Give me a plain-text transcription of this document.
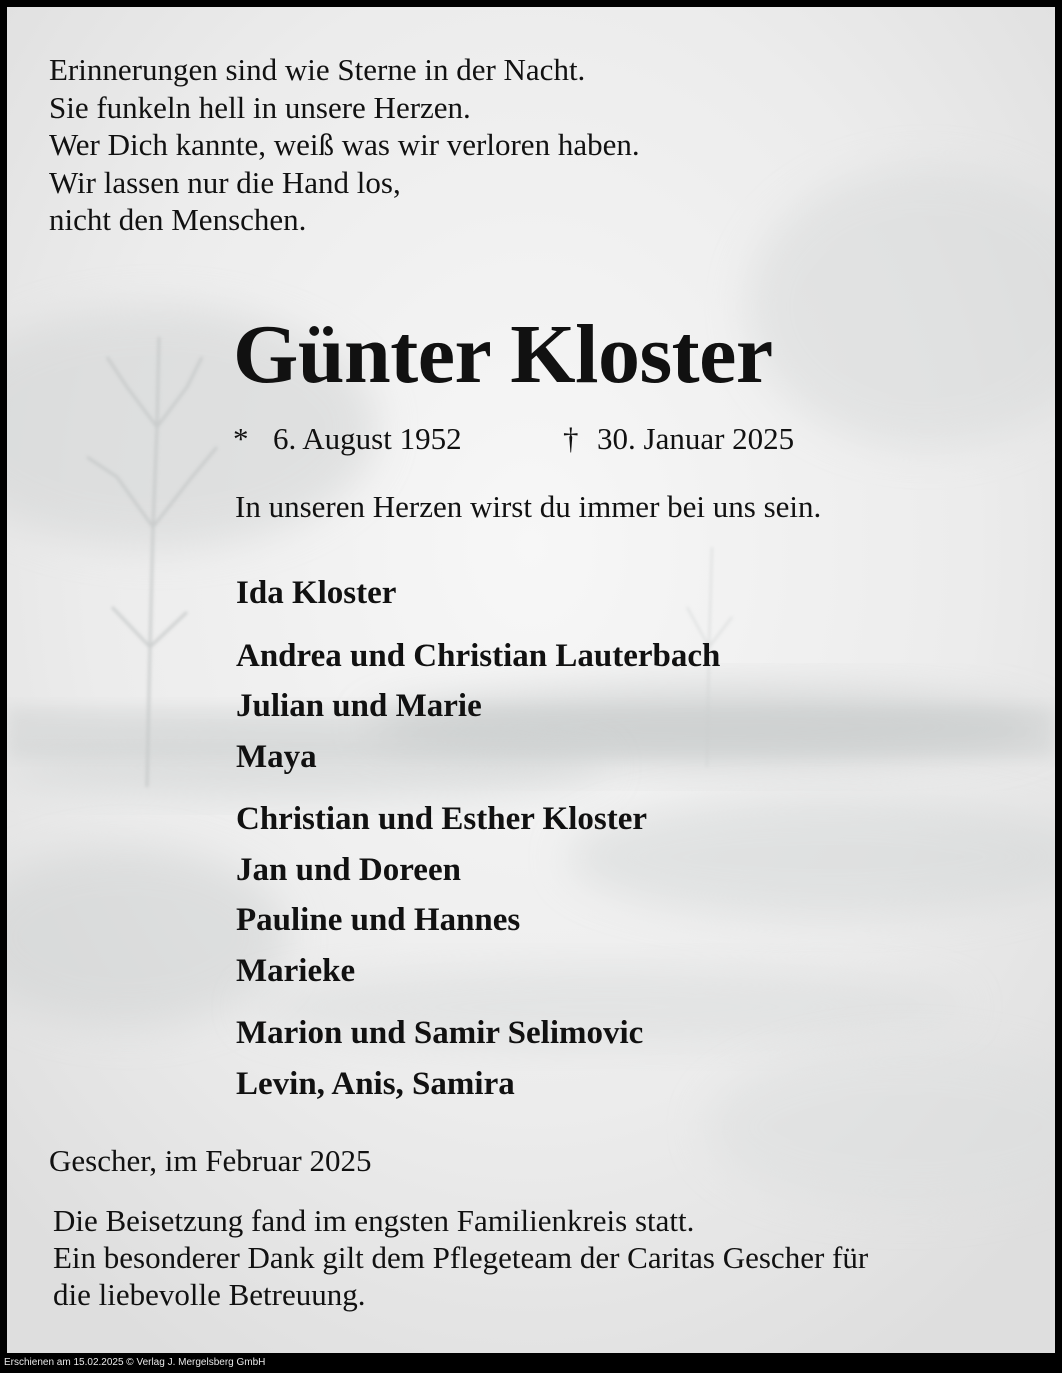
Erinnerungen sind wie Sterne in der Nacht.
Sie funkeln hell in unsere Herzen.
Wer Dich kannte, weiß was wir verloren haben.
Wir lassen nur die Hand los,
nicht den Menschen.
Günter Kloster
* 6. August 1952	† 30. Januar 2025
In unseren Herzen wirst du immer bei uns sein.
Ida Kloster
Andrea und Christian Lauterbach
Julian und Marie
Maya
Christian und Esther Kloster
Jan und Doreen
Pauline und Hannes
Marieke
Marion und Samir Selimovic
Levin, Anis, Samira
Gescher, im Februar 2025
Die Beisetzung fand im engsten Familienkreis statt.
Ein besonderer Dank gilt dem Pflegeteam der Caritas Gescher für
die liebevolle Betreuung.
Erschienen am 15.02.2025 © Verlag J. Mergelsberg GmbH
